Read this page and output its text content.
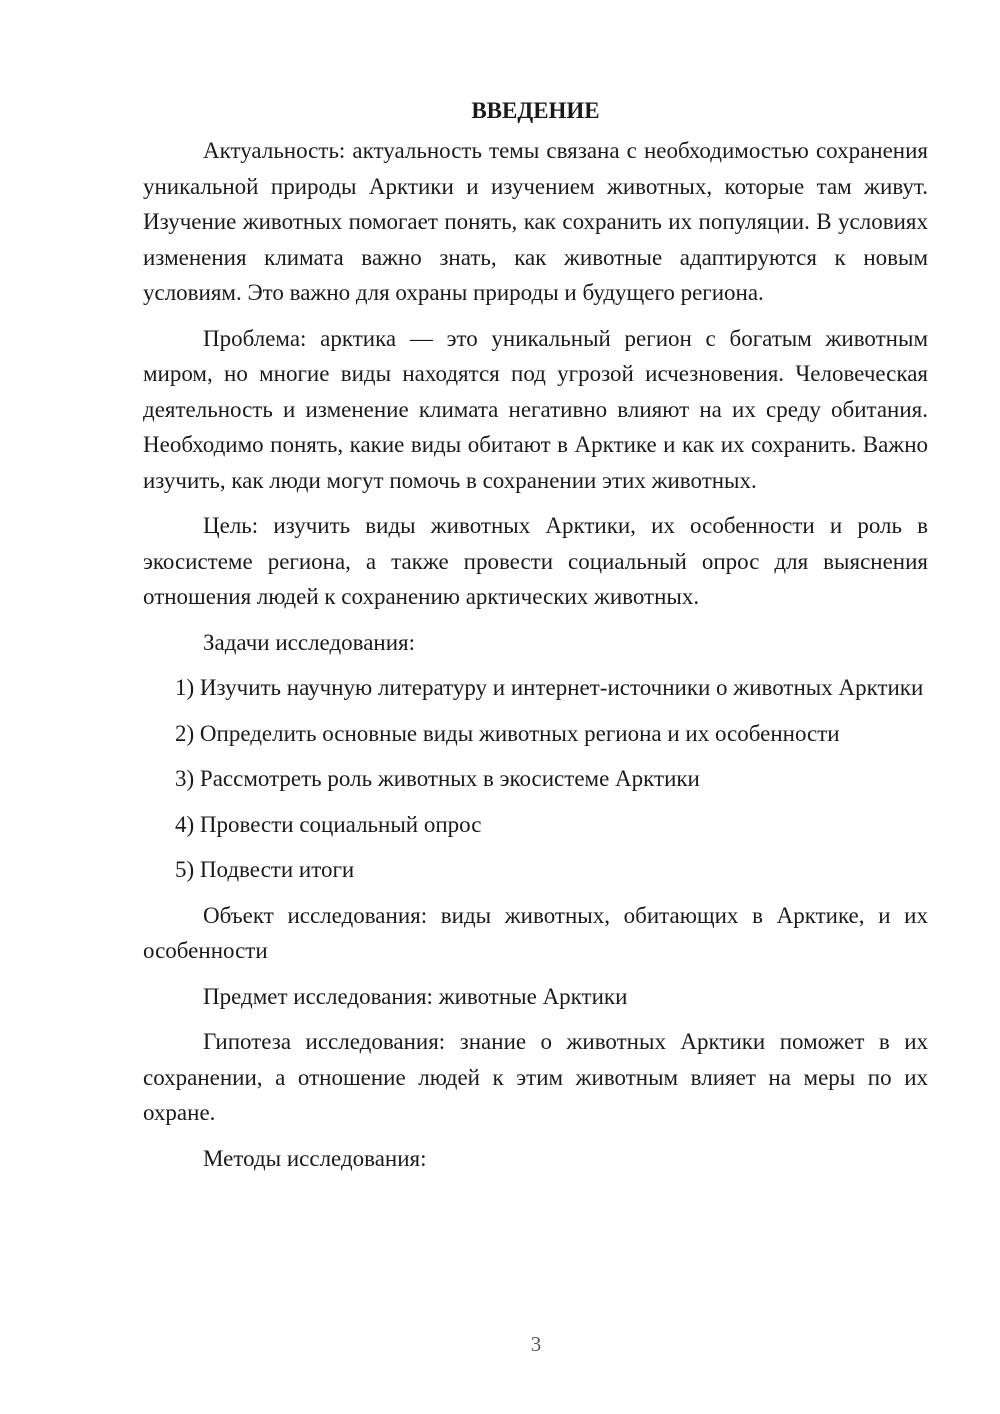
ВВЕДЕНИЕ

Актуальность: актуальность темы связана с необходимостью сохранения уникальной природы Арктики и изучением животных, которые там живут. Изучение животных помогает понять, как сохранить их популяции. В условиях изменения климата важно знать, как животные адаптируются к новым условиям. Это важно для охраны природы и будущего региона.

Проблема: арктика — это уникальный регион с богатым животным миром, но многие виды находятся под угрозой исчезновения. Человеческая деятельность и изменение климата негативно влияют на их среду обитания. Необходимо понять, какие виды обитают в Арктике и как их сохранить. Важно изучить, как люди могут помочь в сохранении этих животных.

Цель: изучить виды животных Арктики, их особенности и роль в экосистеме региона, а также провести социальный опрос для выяснения отношения людей к сохранению арктических животных.

Задачи исследования:

1) Изучить научную литературу и интернет-источники о животных Арктики

2) Определить основные виды животных региона и их особенности

3) Рассмотреть роль животных в экосистеме Арктики

4) Провести социальный опрос

5) Подвести итоги

Объект исследования: виды животных, обитающих в Арктике, и их особенности

Предмет исследования: животные Арктики

Гипотеза исследования: знание о животных Арктики поможет в их сохранении, а отношение людей к этим животным влияет на меры по их охране.

Методы исследования:

3
